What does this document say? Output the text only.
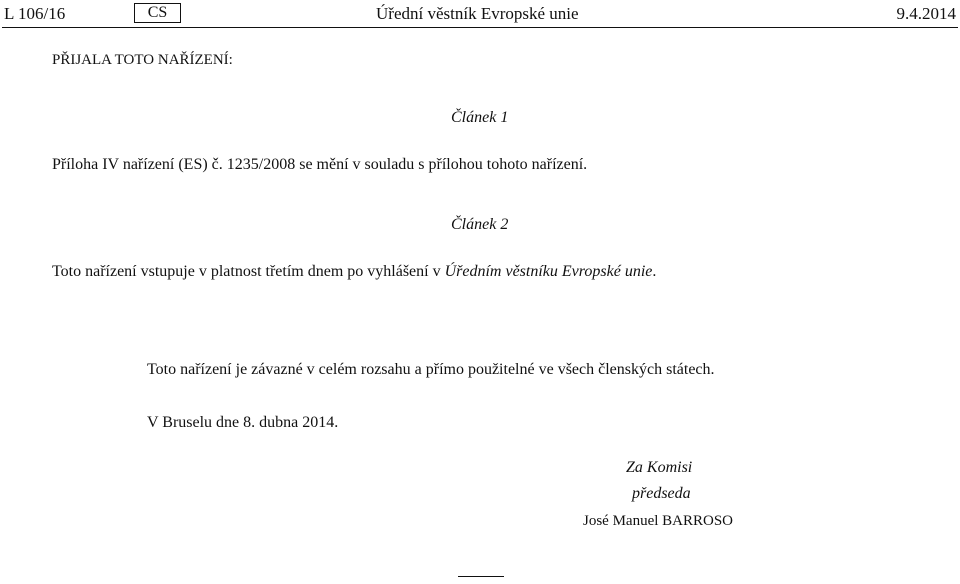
L 106/16	CS	Úřední věstník Evropské unie	9.4.2014
PŘIJALA TOTO NAŘÍZENÍ:
Článek 1
Příloha IV nařízení (ES) č. 1235/2008 se mění v souladu s přílohou tohoto nařízení.
Článek 2
Toto nařízení vstupuje v platnost třetím dnem po vyhlášení v Úředním věstníku Evropské unie.
Toto nařízení je závazné v celém rozsahu a přímo použitelné ve všech členských státech.
V Bruselu dne 8. dubna 2014.
Za Komisi
předseda
José Manuel BARROSO
